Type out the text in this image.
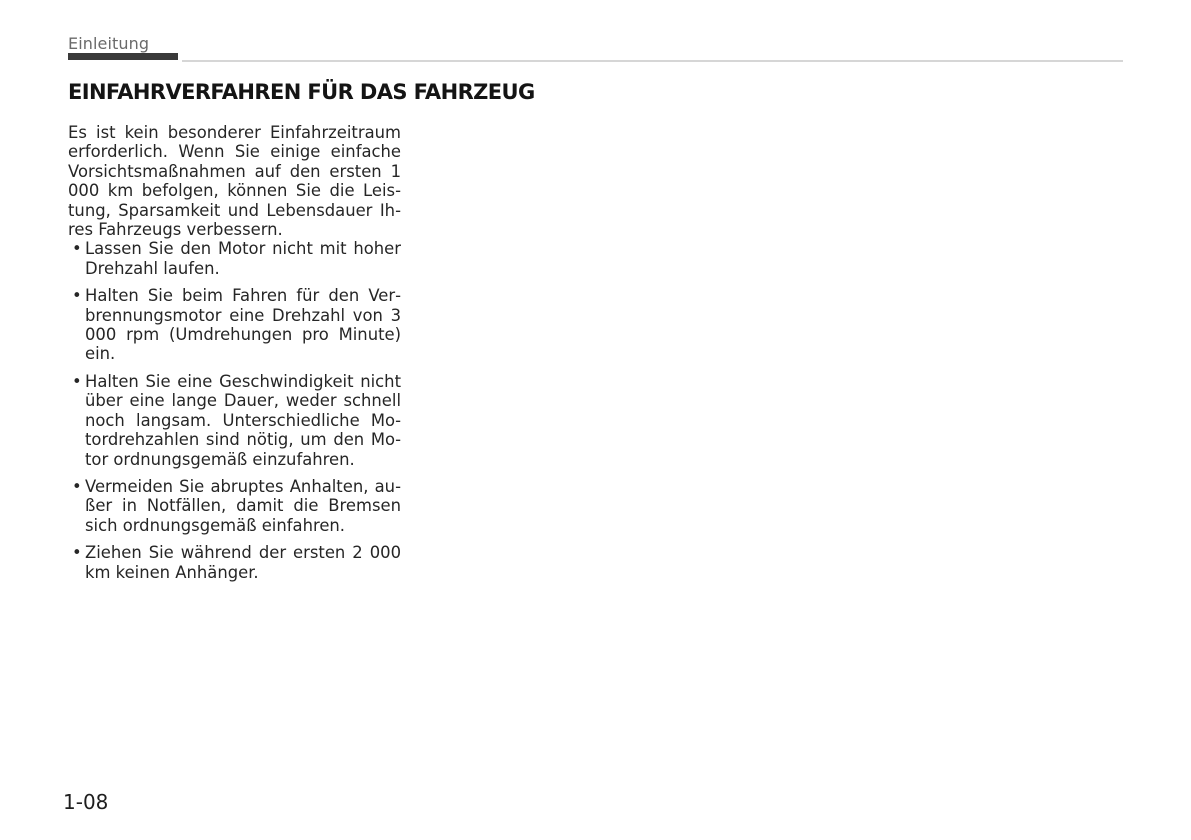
Einleitung
EINFAHRVERFAHREN FÜR DAS FAHRZEUG

Es ist kein besonderer Einfahrzeitraum erforderlich. Wenn Sie einige einfache Vorsichtsmaßnahmen auf den ersten 1 000 km befolgen, können Sie die Leistung, Sparsamkeit und Lebensdauer Ihres Fahrzeugs verbessern.

• Lassen Sie den Motor nicht mit hoher Drehzahl laufen.
• Halten Sie beim Fahren für den Verbrennungsmotor eine Drehzahl von 3 000 rpm (Umdrehungen pro Minute) ein.
• Halten Sie eine Geschwindigkeit nicht über eine lange Dauer, weder schnell noch langsam. Unterschiedliche Motordrehzahlen sind nötig, um den Motor ordnungsgemäß einzufahren.
• Vermeiden Sie abruptes Anhalten, außer in Notfällen, damit die Bremsen sich ordnungsgemäß einfahren.
• Ziehen Sie während der ersten 2 000 km keinen Anhänger.
1-08
